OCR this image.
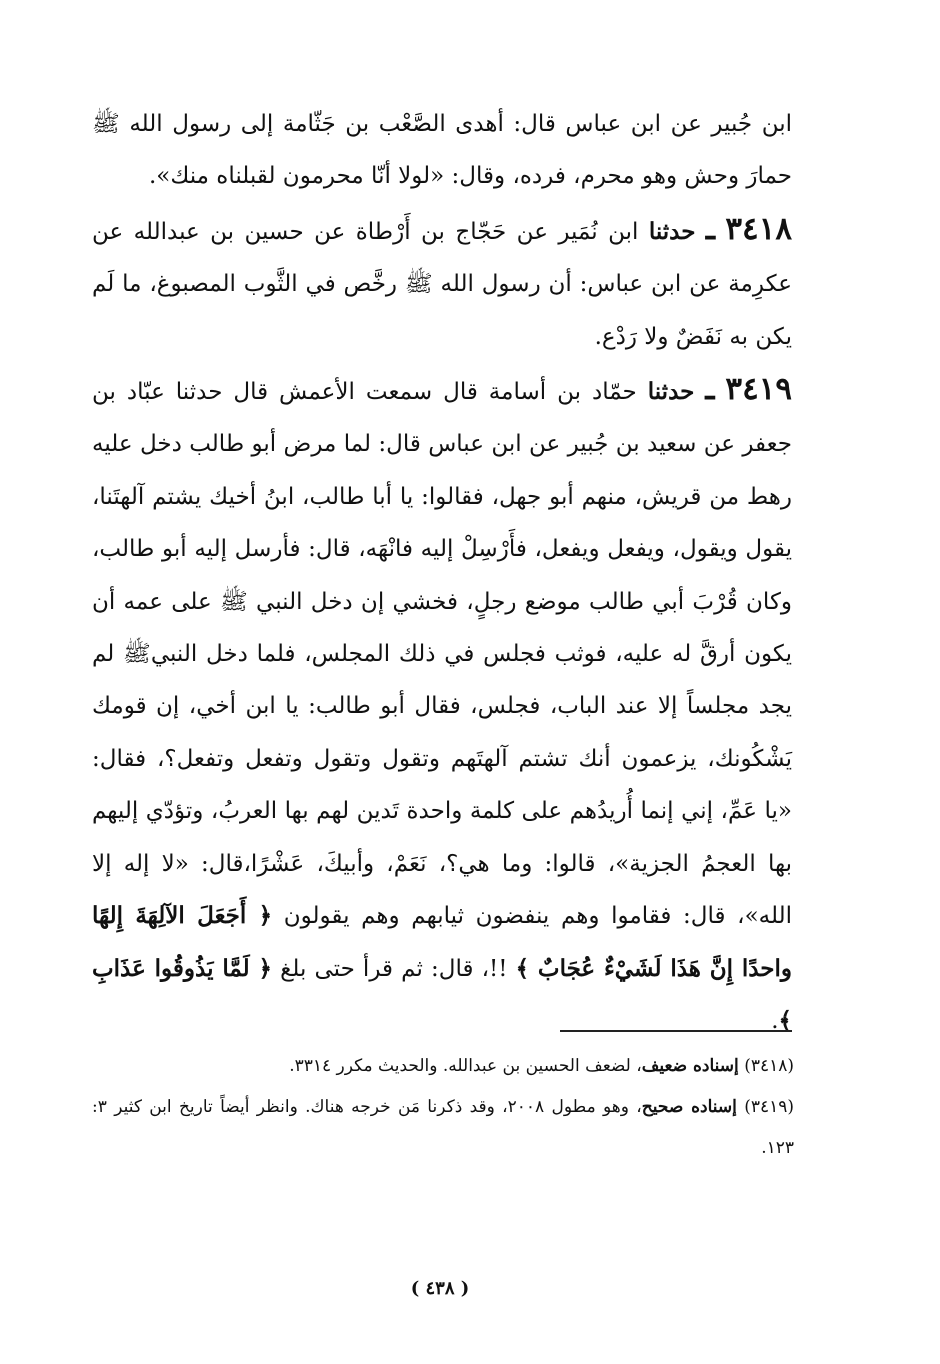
ابن جُبير عن ابن عباس قال: أهدى الصَّعْب بن جَثّامة إلى رسول الله ﷺ حمارَ وحش وهو محرم، فرده، وقال: «لولا أنّا محرمون لقبلناه منك».

٣٤١٨ ـ حدثنا ابن نُمَير عن حَجّاج بن أَرْطاة عن حسين بن عبدالله عن عكرِمة عن ابن عباس: أن رسول الله ﷺ رخَّص في الثَّوب المصبوغ، ما لَم يكن به نَفَضٌ ولا رَدْع.

٣٤١٩ ـ حدثنا حمّاد بن أسامة قال سمعت الأعمش قال حدثنا عبّاد بن جعفر عن سعيد بن جُبير عن ابن عباس قال: لما مرض أبو طالب دخل عليه رهط من قريش، منهم أبو جهل، فقالوا: يا أبا طالب، ابنُ أخيك يشتم آلهتَنا، يقول ويقول، ويفعل ويفعل، فأَرْسِلْ إليه فانْهَه، قال: فأرسل إليه أبو طالب، وكان قُرْبَ أبي طالب موضع رجلٍ، فخشي إن دخل النبي ﷺ على عمه أن يكون أرقَّ له عليه، فوثب فجلس في ذلك المجلس، فلما دخل النبيﷺ لم يجد مجلساً إلا عند الباب، فجلس، فقال أبو طالب: يا ابن أخي، إن قومك يَشْكُونك، يزعمون أنك تشتم آلهتَهم وتقول وتقول وتفعل وتفعل؟، فقال: «يا عَمِّ، إني إنما أُريدُهم على كلمة واحدة تَدين لهم بها العربُ، وتؤدّي إليهم بها العجمُ الجزية»، قالوا: وما هي؟، نَعَمْ، وأبيكَ، عَشْرًا،قال: «لا إله إلا الله»، قال: فقاموا وهم ينفضون ثيابهم وهم يقولون ﴿ أَجَعَلَ الآلِهَةَ إِلهًا واحدًا إِنَّ هَذَا لَشَيْءٌ عُجَابٌ ﴾ !!، قال: ثم قرأ حتى بلغ ﴿ لَمَّا يَذُوقُوا عَذَابِ ﴾.

(٣٤١٨) إسناده ضعيف، لضعف الحسين بن عبدالله. والحديث مكرر ٣٣١٤.

(٣٤١٩) إسناده صحيح، وهو مطول ٢٠٠٨، وقد ذكرنا مَن خرجه هناك. وانظر أيضاً تاريخ ابن كثير ٣: ١٢٣.

( ٤٣٨ )
